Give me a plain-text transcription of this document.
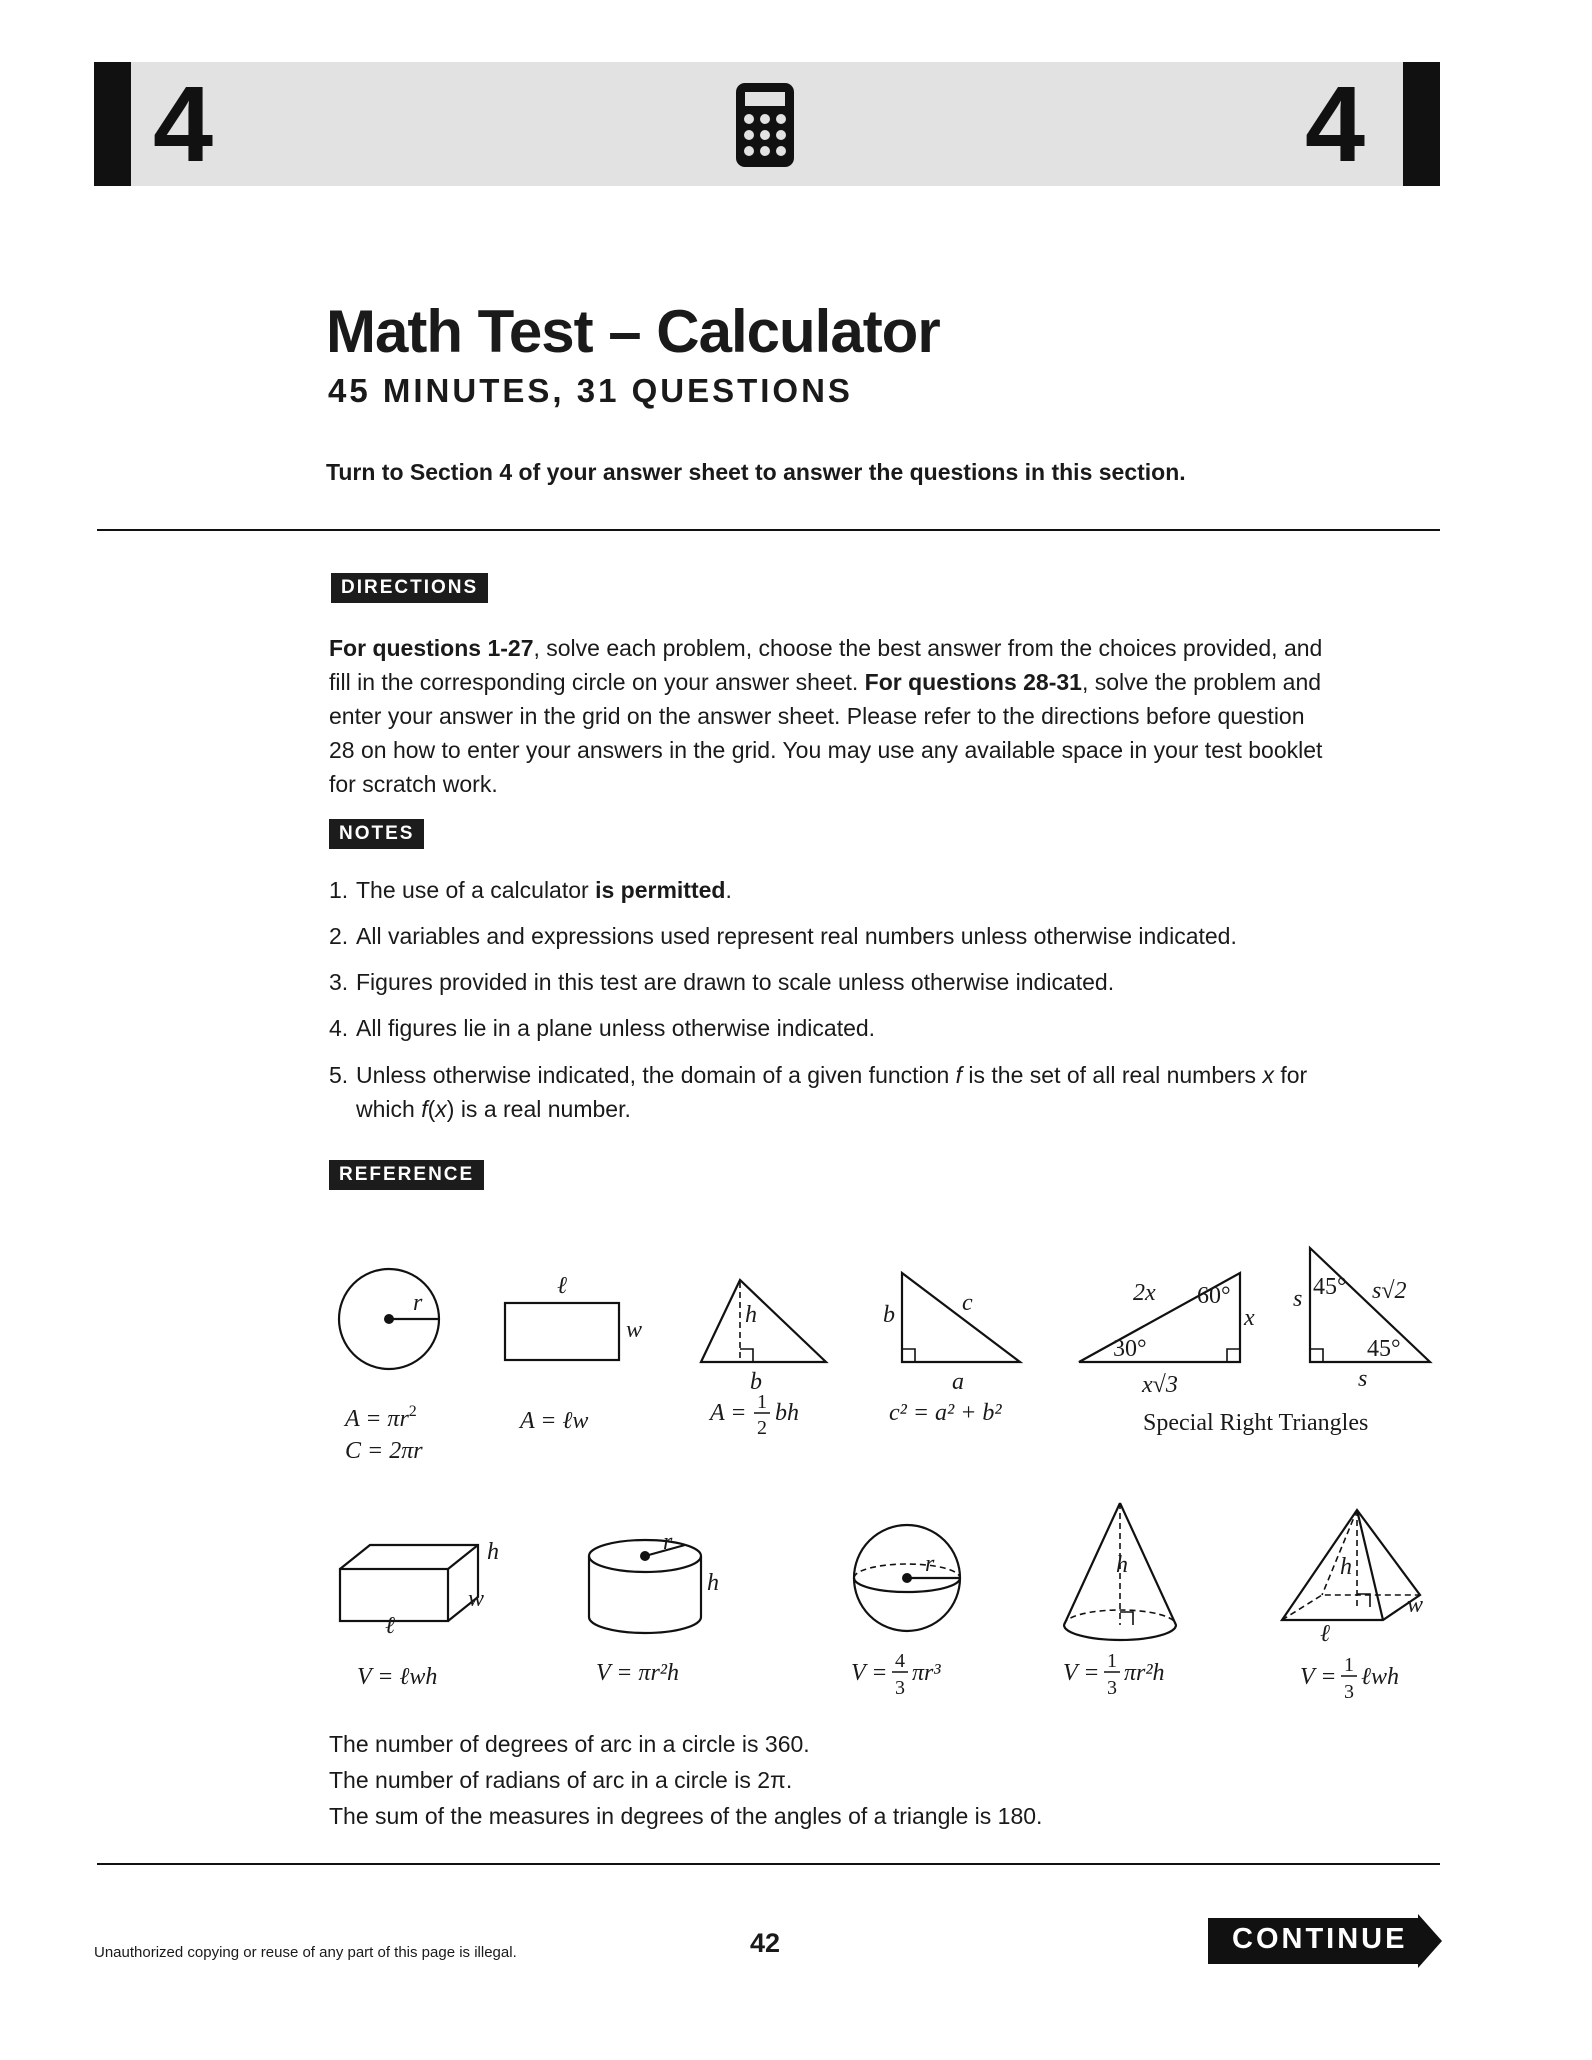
4	4
Math Test – Calculator
45 MINUTES, 31 QUESTIONS
Turn to Section 4 of your answer sheet to answer the questions in this section.
DIRECTIONS
For questions 1-27, solve each problem, choose the best answer from the choices provided, and fill in the corresponding circle on your answer sheet. For questions 28-31, solve the problem and enter your answer in the grid on the answer sheet. Please refer to the directions before question 28 on how to enter your answers in the grid. You may use any available space in your test booklet for scratch work.
NOTES
1. The use of a calculator is permitted.
2. All variables and expressions used represent real numbers unless otherwise indicated.
3. Figures provided in this test are drawn to scale unless otherwise indicated.
4. All figures lie in a plane unless otherwise indicated.
5. Unless otherwise indicated, the domain of a given function f is the set of all real numbers x for
which f(x) is a real number.
REFERENCE
r
ℓ
w
h
b
b	c
a
2x 60°
30°
x
x√3
s 45° s√2
45°
s
Special Right Triangles
h
w
ℓ
r
h
r	h	h
w
ℓ
$A = \pi r^2$
C = 2πr
A = ℓw	A = 1
2
bh	c² = a² + b²
V = ℓwh	V = πr²h	V = 4
3
πr³	V = 1
3
πr²h	V = 1
3
ℓwh
The number of degrees of arc in a circle is 360.
The number of radians of arc in a circle is 2π.
The sum of the measures in degrees of the angles of a triangle is 180.
Unauthorized copying or reuse of any part of this page is illegal.	42	CONTINUE
